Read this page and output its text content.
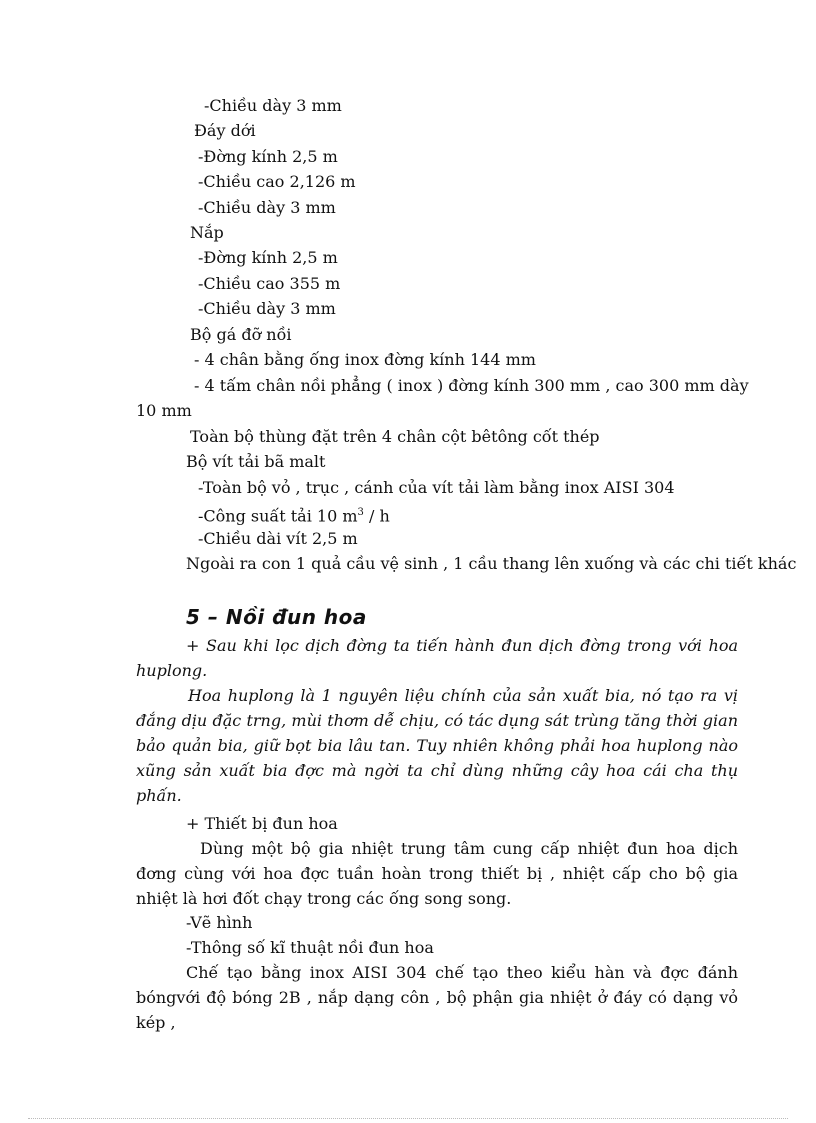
-Chiều dày 3 mm
Đáy dới
-Đờng kính 2,5 m
-Chiều cao 2,126 m
-Chiều dày 3 mm
Nắp
-Đờng kính 2,5 m
-Chiều cao 355 m
-Chiều dày 3 mm
Bộ gá đỡ nồi
- 4 chân bằng ống inox đờng kính 144 mm
- 4 tấm chân nồi phẳng ( inox ) đờng kính 300 mm , cao 300 mm dày
10 mm
Toàn bộ thùng đặt trên 4 chân cột bêtông cốt thép
Bộ vít tải bã malt
-Toàn bộ vỏ , trục , cánh của vít tải làm bằng inox AISI 304
-Công suất tải 10 $m^3$ / h
-Chiều dài vít 2,5 m
Ngoài ra con 1 quả cầu vệ sinh , 1 cầu thang lên xuống và các chi tiết khác
5 – Nồi đun hoa
+ Sau khi lọc dịch đờng ta tiến hành đun dịch đờng trong với hoa huplong.
Hoa huplong là 1 nguyên liệu chính của sản xuất bia, nó tạo ra vị đắng dịu đặc trng, mùi thơm dễ chịu, có tác dụng sát trùng tăng thời gian bảo quản bia, giữ bọt bia lâu tan. Tuy nhiên không phải hoa huplong nào xũng sản xuất bia đợc mà ngời ta chỉ dùng những cây hoa cái cha thụ phấn.
+ Thiết bị đun hoa
Dùng một bộ gia nhiệt trung tâm cung cấp nhiệt đun hoa dịch đơng cùng với hoa đợc tuần hoàn trong thiết bị , nhiệt cấp cho bộ gia nhiệt là hơi đốt chạy trong các ống song song.
-Vẽ hình
-Thông số kĩ thuật nồi đun hoa
Chế tạo bằng inox AISI 304 chế tạo theo kiểu hàn và đợc đánh bóngvới độ bóng 2B , nắp dạng côn , bộ phận gia nhiệt ở đáy có dạng vỏ kép ,
